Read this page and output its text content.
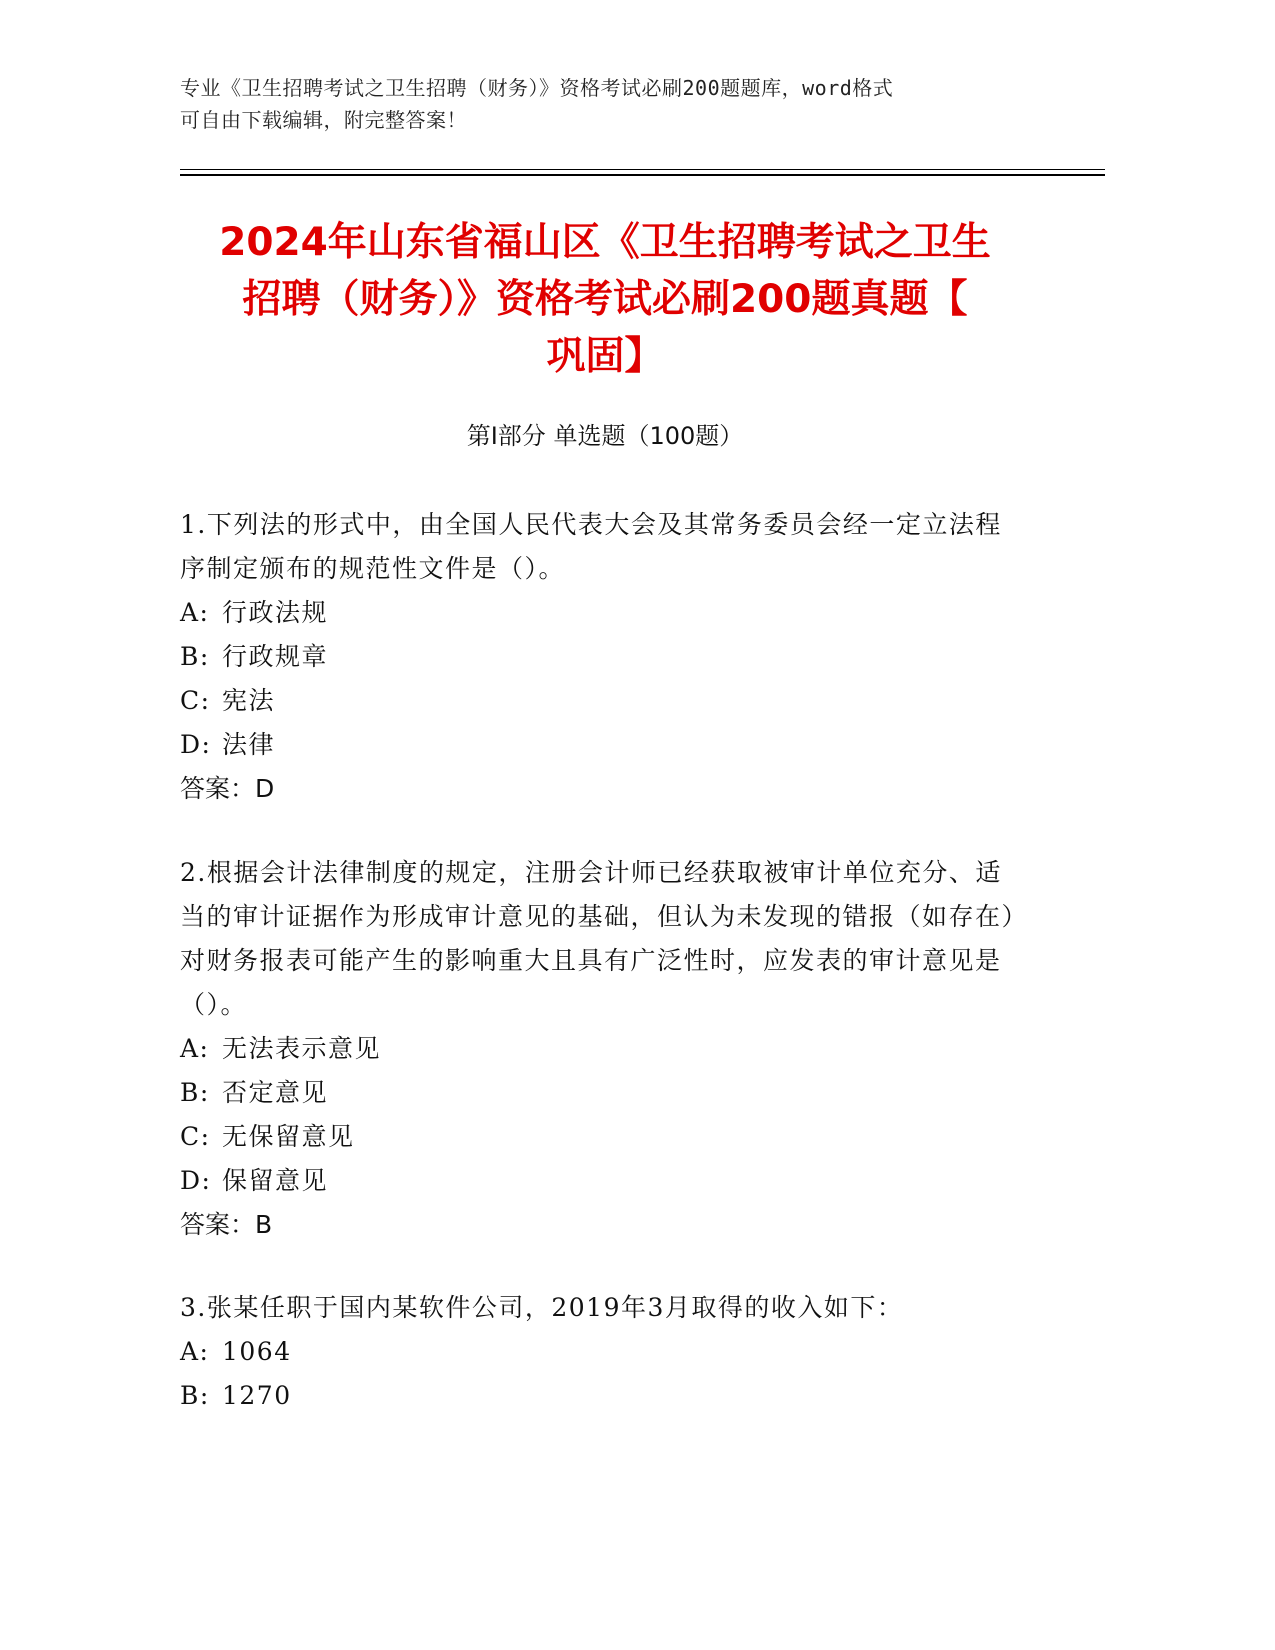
专业《卫生招聘考试之卫生招聘（财务）》资格考试必刷200题题库，word格式
可自由下载编辑，附完整答案！
2024年山东省福山区《卫生招聘考试之卫生
招聘（财务）》资格考试必刷200题真题【
巩固】
第Ⅰ部分 单选题（100题）

1.下列法的形式中，由全国人民代表大会及其常务委员会经一定立法程序制定颁布的规范性文件是（）。

A: 行政法规

B: 行政规章

C: 宪法

D: 法律

答案：D

2.根据会计法律制度的规定，注册会计师已经获取被审计单位充分、适当的审计证据作为形成审计意见的基础，但认为未发现的错报（如存在）对财务报表可能产生的影响重大且具有广泛性时，应发表的审计意见是（）。

A: 无法表示意见

B: 否定意见

C: 无保留意见

D: 保留意见

答案：B

3.张某任职于国内某软件公司，2019年3月取得的收入如下：

A: 1064

B: 1270
